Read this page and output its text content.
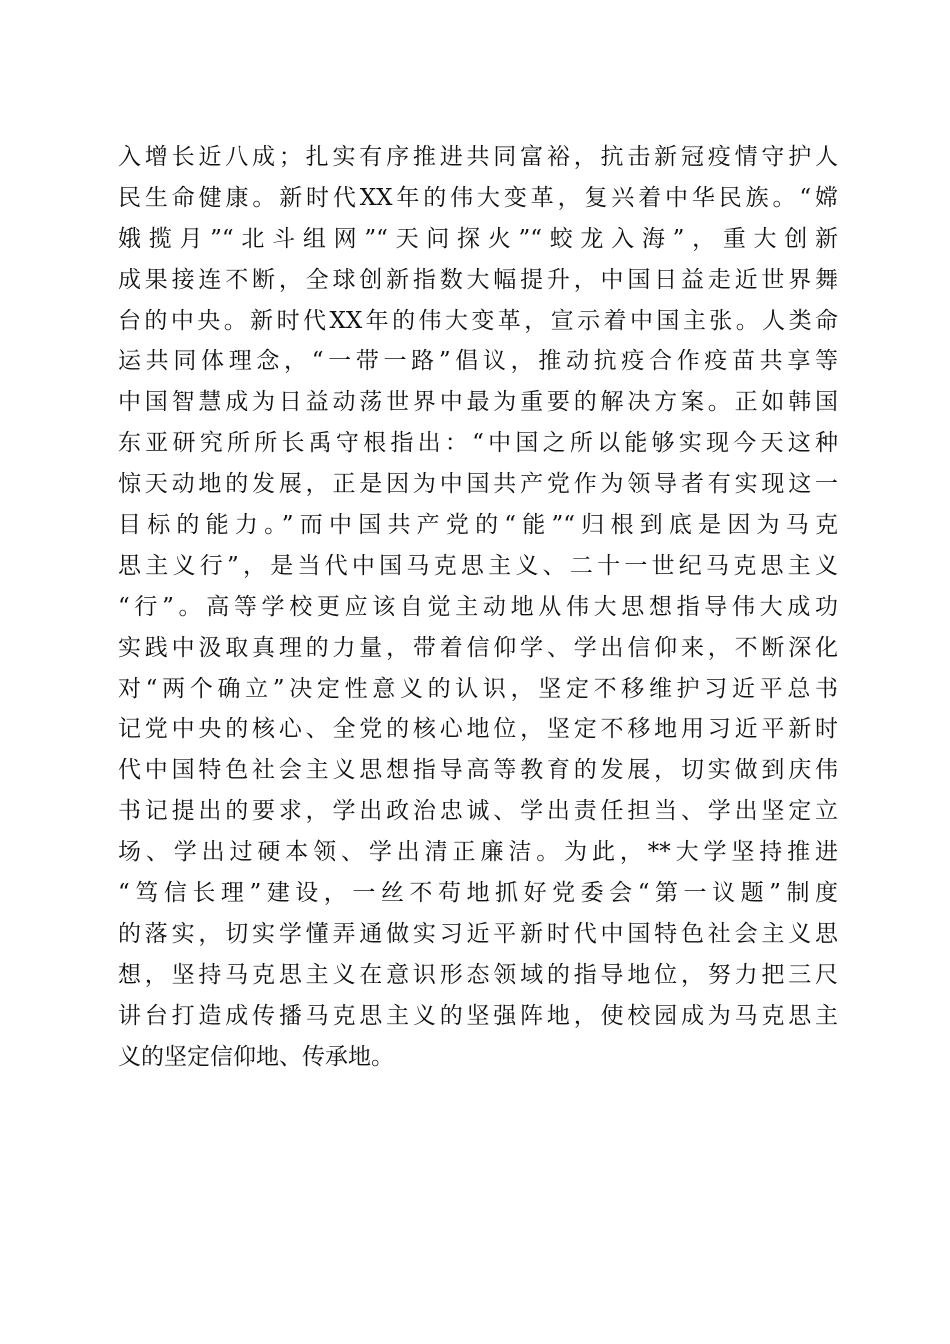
入增长近八成；扎实有序推进共同富裕，抗击新冠疫情守护人
民生命健康。新时代XX年的伟大变革，复兴着中华民族。“嫦
娥揽月”“北斗组网”“天问探火”“蛟龙入海”，重大创新
成果接连不断，全球创新指数大幅提升，中国日益走近世界舞
台的中央。新时代XX年的伟大变革，宣示着中国主张。人类命
运共同体理念，“一带一路”倡议，推动抗疫合作疫苗共享等
中国智慧成为日益动荡世界中最为重要的解决方案。正如韩国
东亚研究所所长禹守根指出：“中国之所以能够实现今天这种
惊天动地的发展，正是因为中国共产党作为领导者有实现这一
目标的能力。”而中国共产党的“能”“归根到底是因为马克
思主义行”，是当代中国马克思主义、二十一世纪马克思主义
“行”。高等学校更应该自觉主动地从伟大思想指导伟大成功
实践中汲取真理的力量，带着信仰学、学出信仰来，不断深化
对“两个确立”决定性意义的认识，坚定不移维护习近平总书
记党中央的核心、全党的核心地位，坚定不移地用习近平新时
代中国特色社会主义思想指导高等教育的发展，切实做到庆伟
书记提出的要求，学出政治忠诚、学出责任担当、学出坚定立
场、学出过硬本领、学出清正廉洁。为此，**大学坚持推进
“笃信长理”建设，一丝不苟地抓好党委会“第一议题”制度
的落实，切实学懂弄通做实习近平新时代中国特色社会主义思
想，坚持马克思主义在意识形态领域的指导地位，努力把三尺
讲台打造成传播马克思主义的坚强阵地，使校园成为马克思主
义的坚定信仰地、传承地。
